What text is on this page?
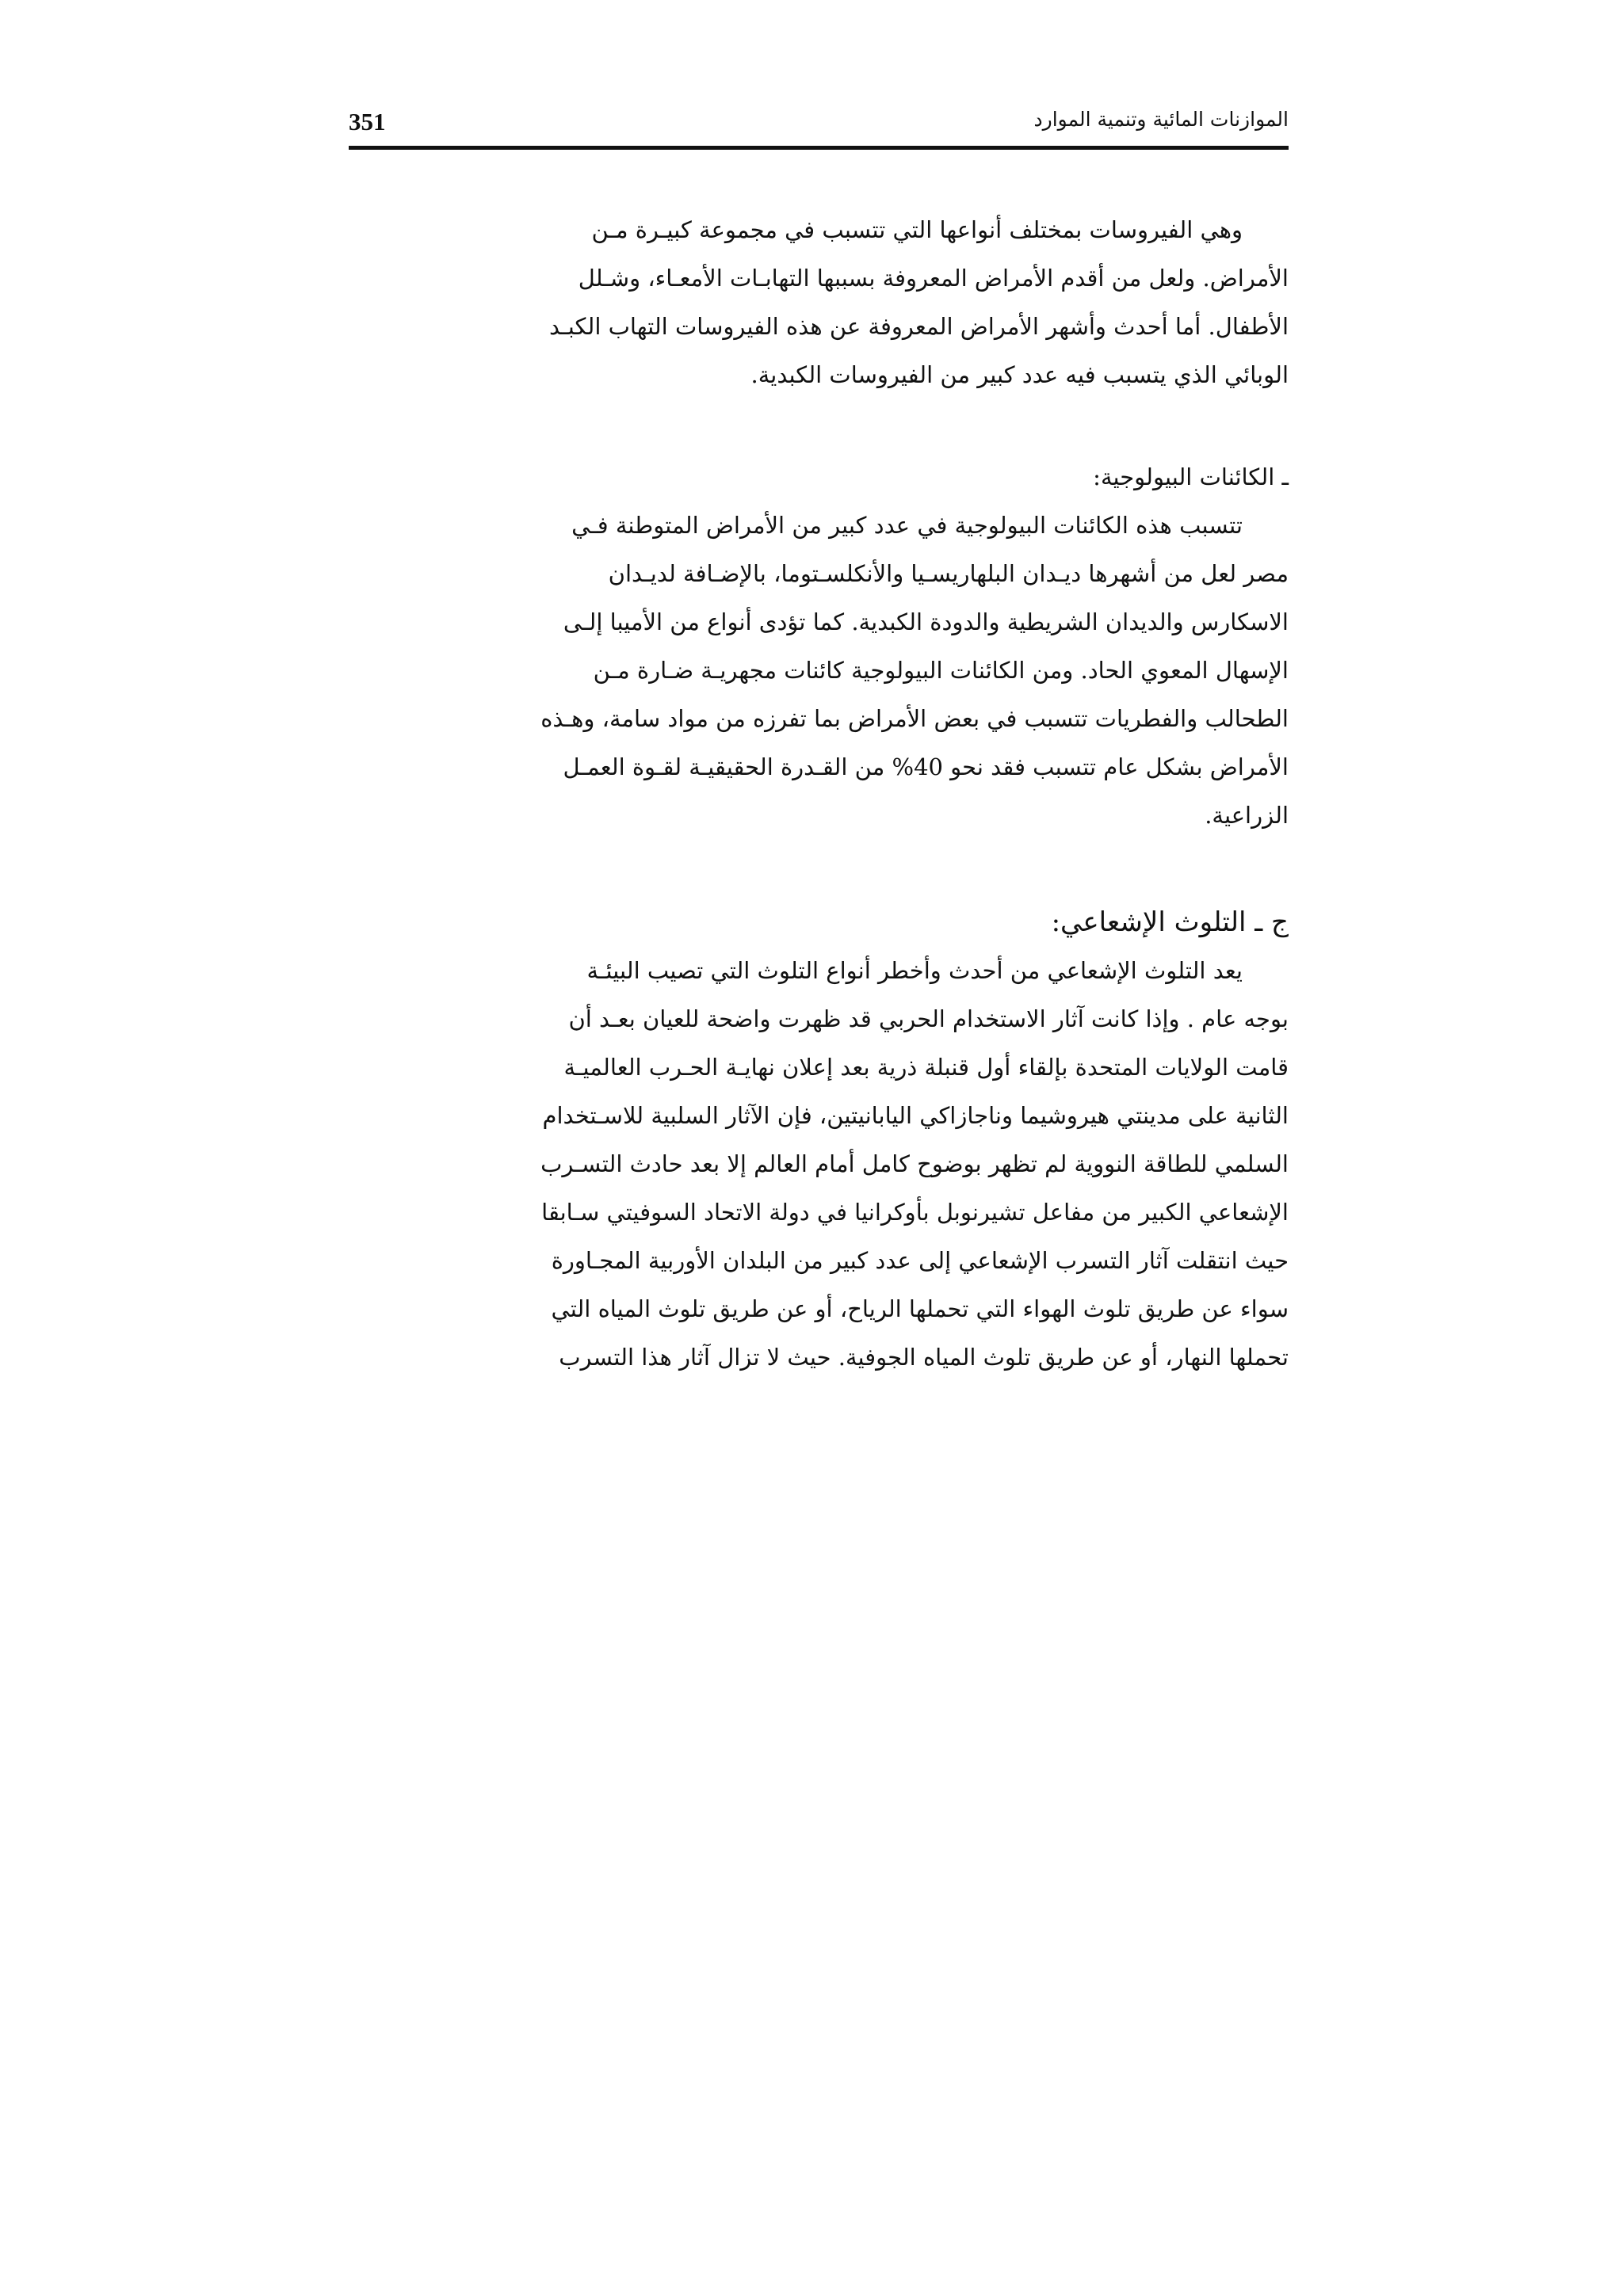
351	الموازنات المائية وتنمية الموارد
وهي الفيروسات بمختلف أنواعها التي تتسبب في مجموعة كبيـرة مـن
الأمراض. ولعل من أقدم الأمراض المعروفة بسببها التهابـات الأمعـاء، وشـلل
الأطفال. أما أحدث وأشهر الأمراض المعروفة عن هذه الفيروسات التهاب الكبـد
الوبائي الذي يتسبب فيه عدد كبير من الفيروسات الكبدية.
ـ الكائنات البيولوجية:
تتسبب هذه الكائنات البيولوجية في عدد كبير من الأمراض المتوطنة فـي
مصر لعل من أشهرها ديـدان البلهاريسـيا والأنكلسـتوما، بالإضـافة لديـدان
الاسكارس والديدان الشريطية والدودة الكبدية. كما تؤدى أنواع من الأميبا إلـى
الإسهال المعوي الحاد. ومن الكائنات البيولوجية كائنات مجهريـة ضـارة مـن
الطحالب والفطريات تتسبب في بعض الأمراض بما تفرزه من مواد سامة، وهـذه
الأمراض بشكل عام تتسبب فقد نحو 40% من القـدرة الحقيقيـة لقـوة العمـل
الزراعية.
ج ـ التلوث الإشعاعي:
يعد التلوث الإشعاعي من أحدث وأخطر أنواع التلوث التي تصيب البيئـة
بوجه عام . وإذا كانت آثار الاستخدام الحربي قد ظهرت واضحة للعيان بعـد أن
قامت الولايات المتحدة بإلقاء أول قنبلة ذرية بعد إعلان نهايـة الحـرب العالميـة
الثانية على مدينتي هيروشيما وناجازاكي اليابانيتين، فإن الآثار السلبية للاسـتخدام
السلمي للطاقة النووية لم تظهر بوضوح كامل أمام العالم إلا بعد حادث التسـرب
الإشعاعي الكبير من مفاعل تشيرنوبل بأوكرانيا في دولة الاتحاد السوفيتي سـابقا
حيث انتقلت آثار التسرب الإشعاعي إلى عدد كبير من البلدان الأوربية المجـاورة
سواء عن طريق تلوث الهواء التي تحملها الرياح، أو عن طريق تلوث المياه التي
تحملها النهار، أو عن طريق تلوث المياه الجوفية. حيث لا تزال آثار هذا التسرب
